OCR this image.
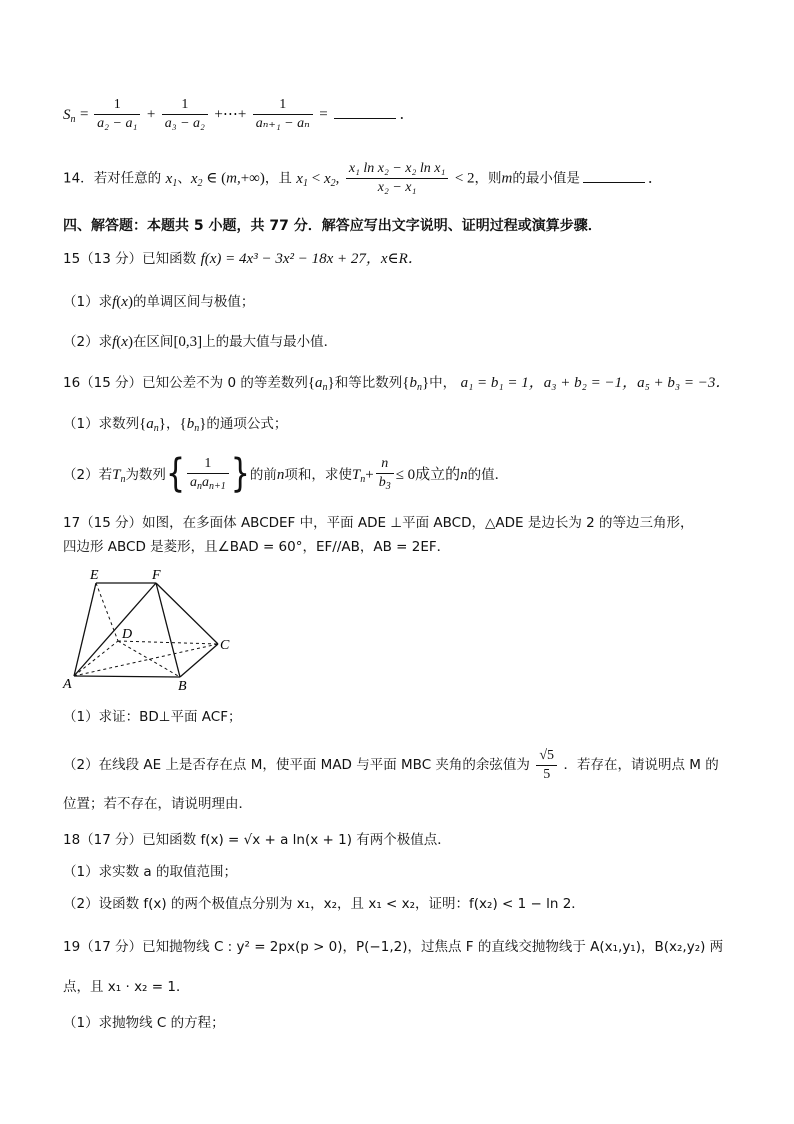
$S_n = \frac{1}{\text{a₂ − a₁}} + \frac{1}{\text{a₃ − a₂}}$ +⋯+ $\frac{1}{\text{aₙ₊₁ − aₙ}}$ =	．
14．若对任意的 $x_1$、$x_2$ ∈ (m,+∞)，且 $x_1 < x_2$, $\frac{\text{x₁ ln x₂ − x₂ ln x₁}}{\text{x₂ − x₁}} < 2$，则m的最小值是	．
四、解答题：本题共 5 小题，共 77 分．解答应写出文字说明、证明过程或演算步骤．
15（13 分）已知函数 f(x) = 4x³ − 3x² − 18x + 27，x∈R．
（1）求f(x)的单调区间与极值；
（2）求f(x)在区间[0,3]上的最大值与最小值．
16（15 分）已知公差不为 0 的等差数列$\{a_n\}$和等比数列$\{b_n\}$中， a₁ = b₁ = 1，a₃ + b₂ = −1，a₅ + b₃ = −3．
（1）求数列$\{a_n\}$，$\{b_n\}$的通项公式；
（2）若$T_n$为数列{ $\frac{1}{a_na_{n+1}}$ }的前n项和，求使$T_n+ \frac{n}{b_3} \le 0$成立的n的值．
17（15 分）如图，在多面体 ABCDEF 中，平面 ADE ⊥平面 ABCD，△ADE 是边长为 2 的等边三角形，
四边形 ABCD 是菱形，且∠BAD = 60°，EF//AB，AB = 2EF．
E	F
D
C
A	B
（1）求证：BD⊥平面 ACF；
（2）在线段 AE 上是否存在点 M，使平面 MAD 与平面 MBC 夹角的余弦值为 $\frac{√5}{5}$ ．若存在，请说明点 M 的
位置；若不存在，请说明理由．
18（17 分）已知函数 f(x) = √x + a ln(x + 1) 有两个极值点．
（1）求实数 a 的取值范围；
（2）设函数 f(x) 的两个极值点分别为 x₁，x₂，且 x₁ < x₂，证明：f(x₂) < 1 − ln 2．
19（17 分）已知抛物线 C : y² = 2px(p > 0)，P(−1,2)，过焦点 F 的直线交抛物线于 A(x₁,y₁)，B(x₂,y₂) 两
点，且 x₁ · x₂ = 1．
（1）求抛物线 C 的方程；
